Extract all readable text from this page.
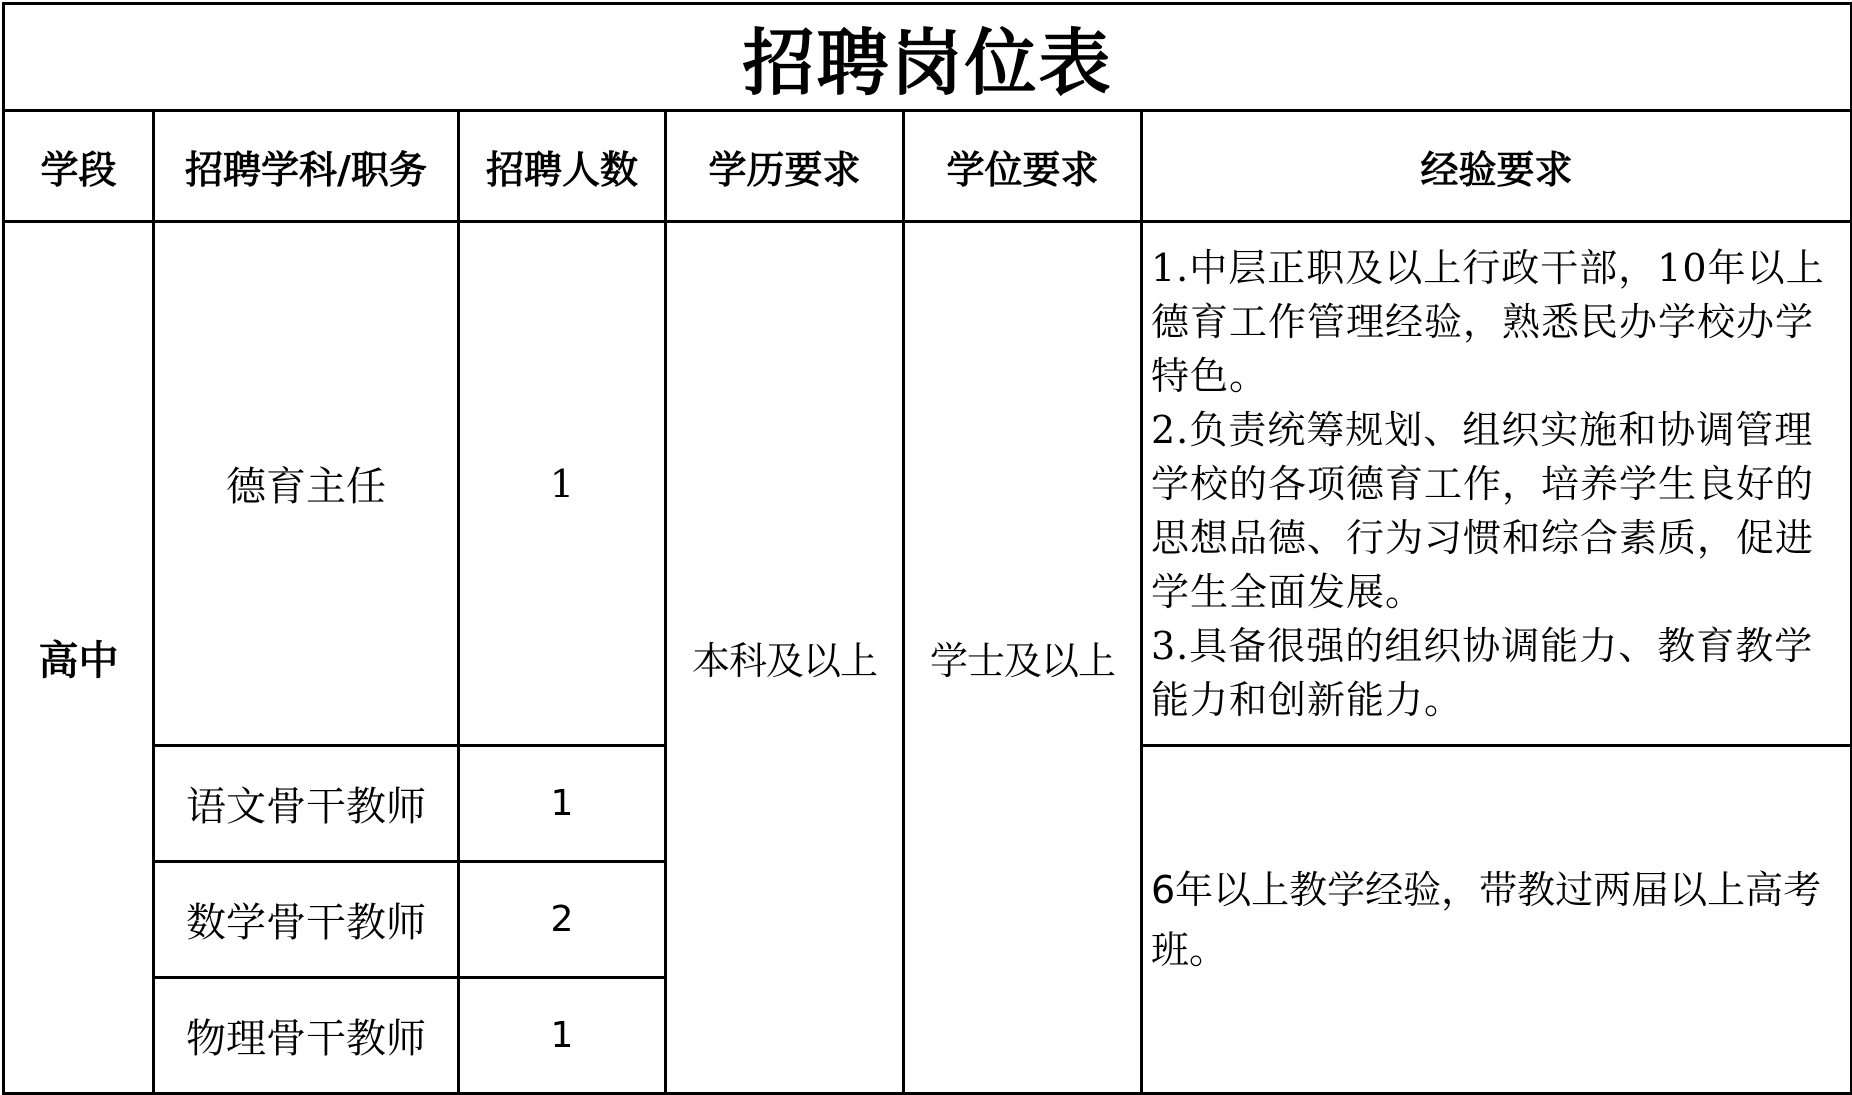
招聘岗位表					
学段	招聘学科/职务	招聘人数	学历要求	学位要求	经验要求
高中	德育主任	1	本科及以上	学士及以上	1.中层正职及以上行政干部，10年以上德育工作管理经验，熟悉民办学校办学特色。
2.负责统筹规划、组织实施和协调管理学校的各项德育工作，培养学生良好的思想品德、行为习惯和综合素质，促进学生全面发展。
3.具备很强的组织协调能力、教育教学能力和创新能力。

	语文骨干教师	1			6年以上教学经验，带教过两届以上高考班。
	数学骨干教师	2			
	物理骨干教师	1			
